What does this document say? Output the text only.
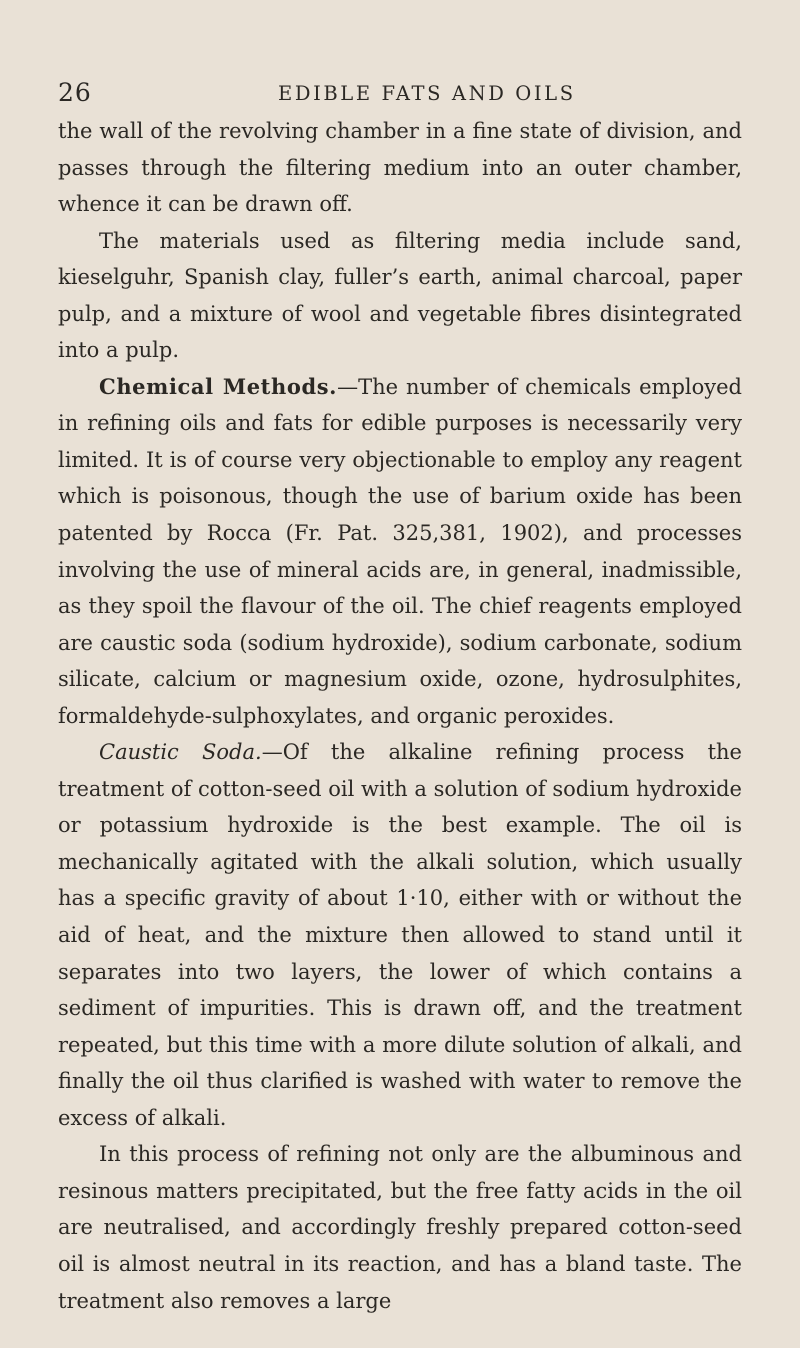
26	EDIBLE FATS AND OILS

the wall of the revolving chamber in a fine state of division, and passes through the filtering medium into an outer chamber, whence it can be drawn off.

The materials used as filtering media include sand, kieselguhr, Spanish clay, fuller’s earth, animal charcoal, paper pulp, and a mixture of wool and vegetable fibres disintegrated into a pulp.

Chemical Methods.—The number of chemicals employed in refining oils and fats for edible purposes is necessarily very limited. It is of course very objectionable to employ any reagent which is poisonous, though the use of barium oxide has been patented by Rocca (Fr. Pat. 325,381, 1902), and processes involving the use of mineral acids are, in general, inadmissible, as they spoil the flavour of the oil. The chief reagents employed are caustic soda (sodium hydroxide), sodium carbonate, sodium silicate, calcium or magnesium oxide, ozone, hydrosulphites, formaldehyde-sulphoxylates, and organic peroxides.

Caustic Soda.—Of the alkaline refining process the treatment of cotton-seed oil with a solution of sodium hydroxide or potassium hydroxide is the best example. The oil is mechanically agitated with the alkali solution, which usually has a specific gravity of about 1·10, either with or without the aid of heat, and the mixture then allowed to stand until it separates into two layers, the lower of which contains a sediment of impurities. This is drawn off, and the treatment repeated, but this time with a more dilute solution of alkali, and finally the oil thus clarified is washed with water to remove the excess of alkali.

In this process of refining not only are the albuminous and resinous matters precipitated, but the free fatty acids in the oil are neutralised, and accordingly freshly prepared cotton-seed oil is almost neutral in its reaction, and has a bland taste. The treatment also removes a large
